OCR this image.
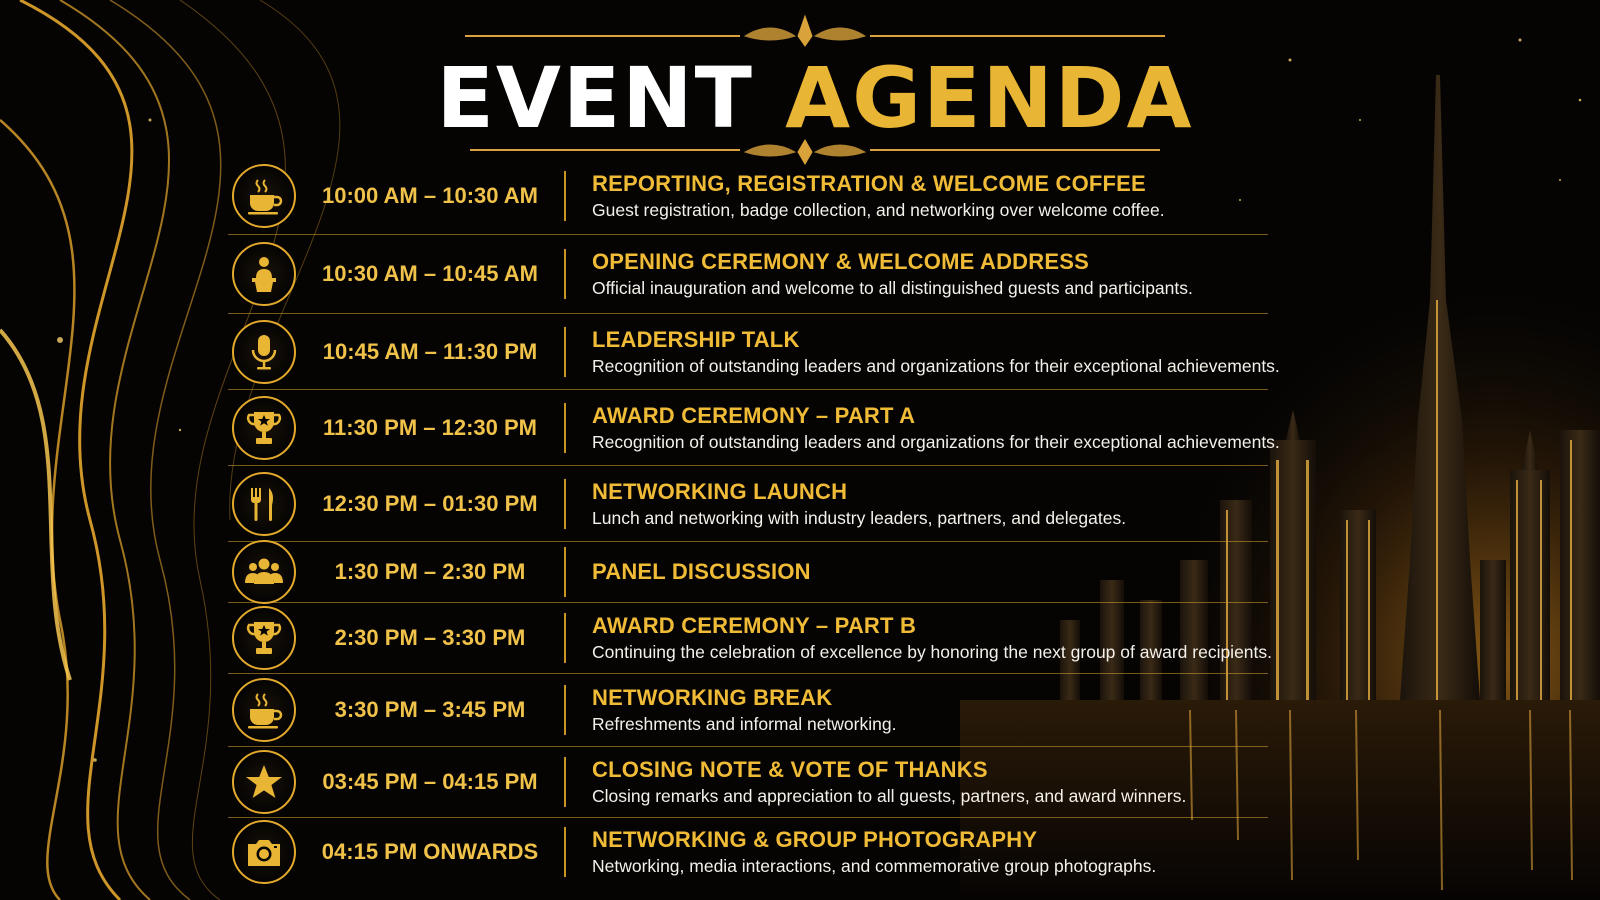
EVENT AGENDA
10:00 AM – 10:30 AM	REPORTING, REGISTRATION & WELCOME COFFEE
Guest registration, badge collection, and networking over welcome coffee.
10:30 AM – 10:45 AM	OPENING CEREMONY & WELCOME ADDRESS
Official inauguration and welcome to all distinguished guests and participants.
10:45 AM – 11:30 PM	LEADERSHIP TALK
Recognition of outstanding leaders and organizations for their exceptional achievements.
11:30 PM – 12:30 PM	AWARD CEREMONY – PART A
Recognition of outstanding leaders and organizations for their exceptional achievements.
12:30 PM – 01:30 PM	NETWORKING LAUNCH
Lunch and networking with industry leaders, partners, and delegates.
1:30 PM – 2:30 PM	PANEL DISCUSSION
2:30 PM – 3:30 PM	AWARD CEREMONY – PART B
Continuing the celebration of excellence by honoring the next group of award recipients.
3:30 PM – 3:45 PM	NETWORKING BREAK
Refreshments and informal networking.
03:45 PM – 04:15 PM	CLOSING NOTE & VOTE OF THANKS
Closing remarks and appreciation to all guests, partners, and award winners.
04:15 PM ONWARDS	NETWORKING & GROUP PHOTOGRAPHY
Networking, media interactions, and commemorative group photographs.
